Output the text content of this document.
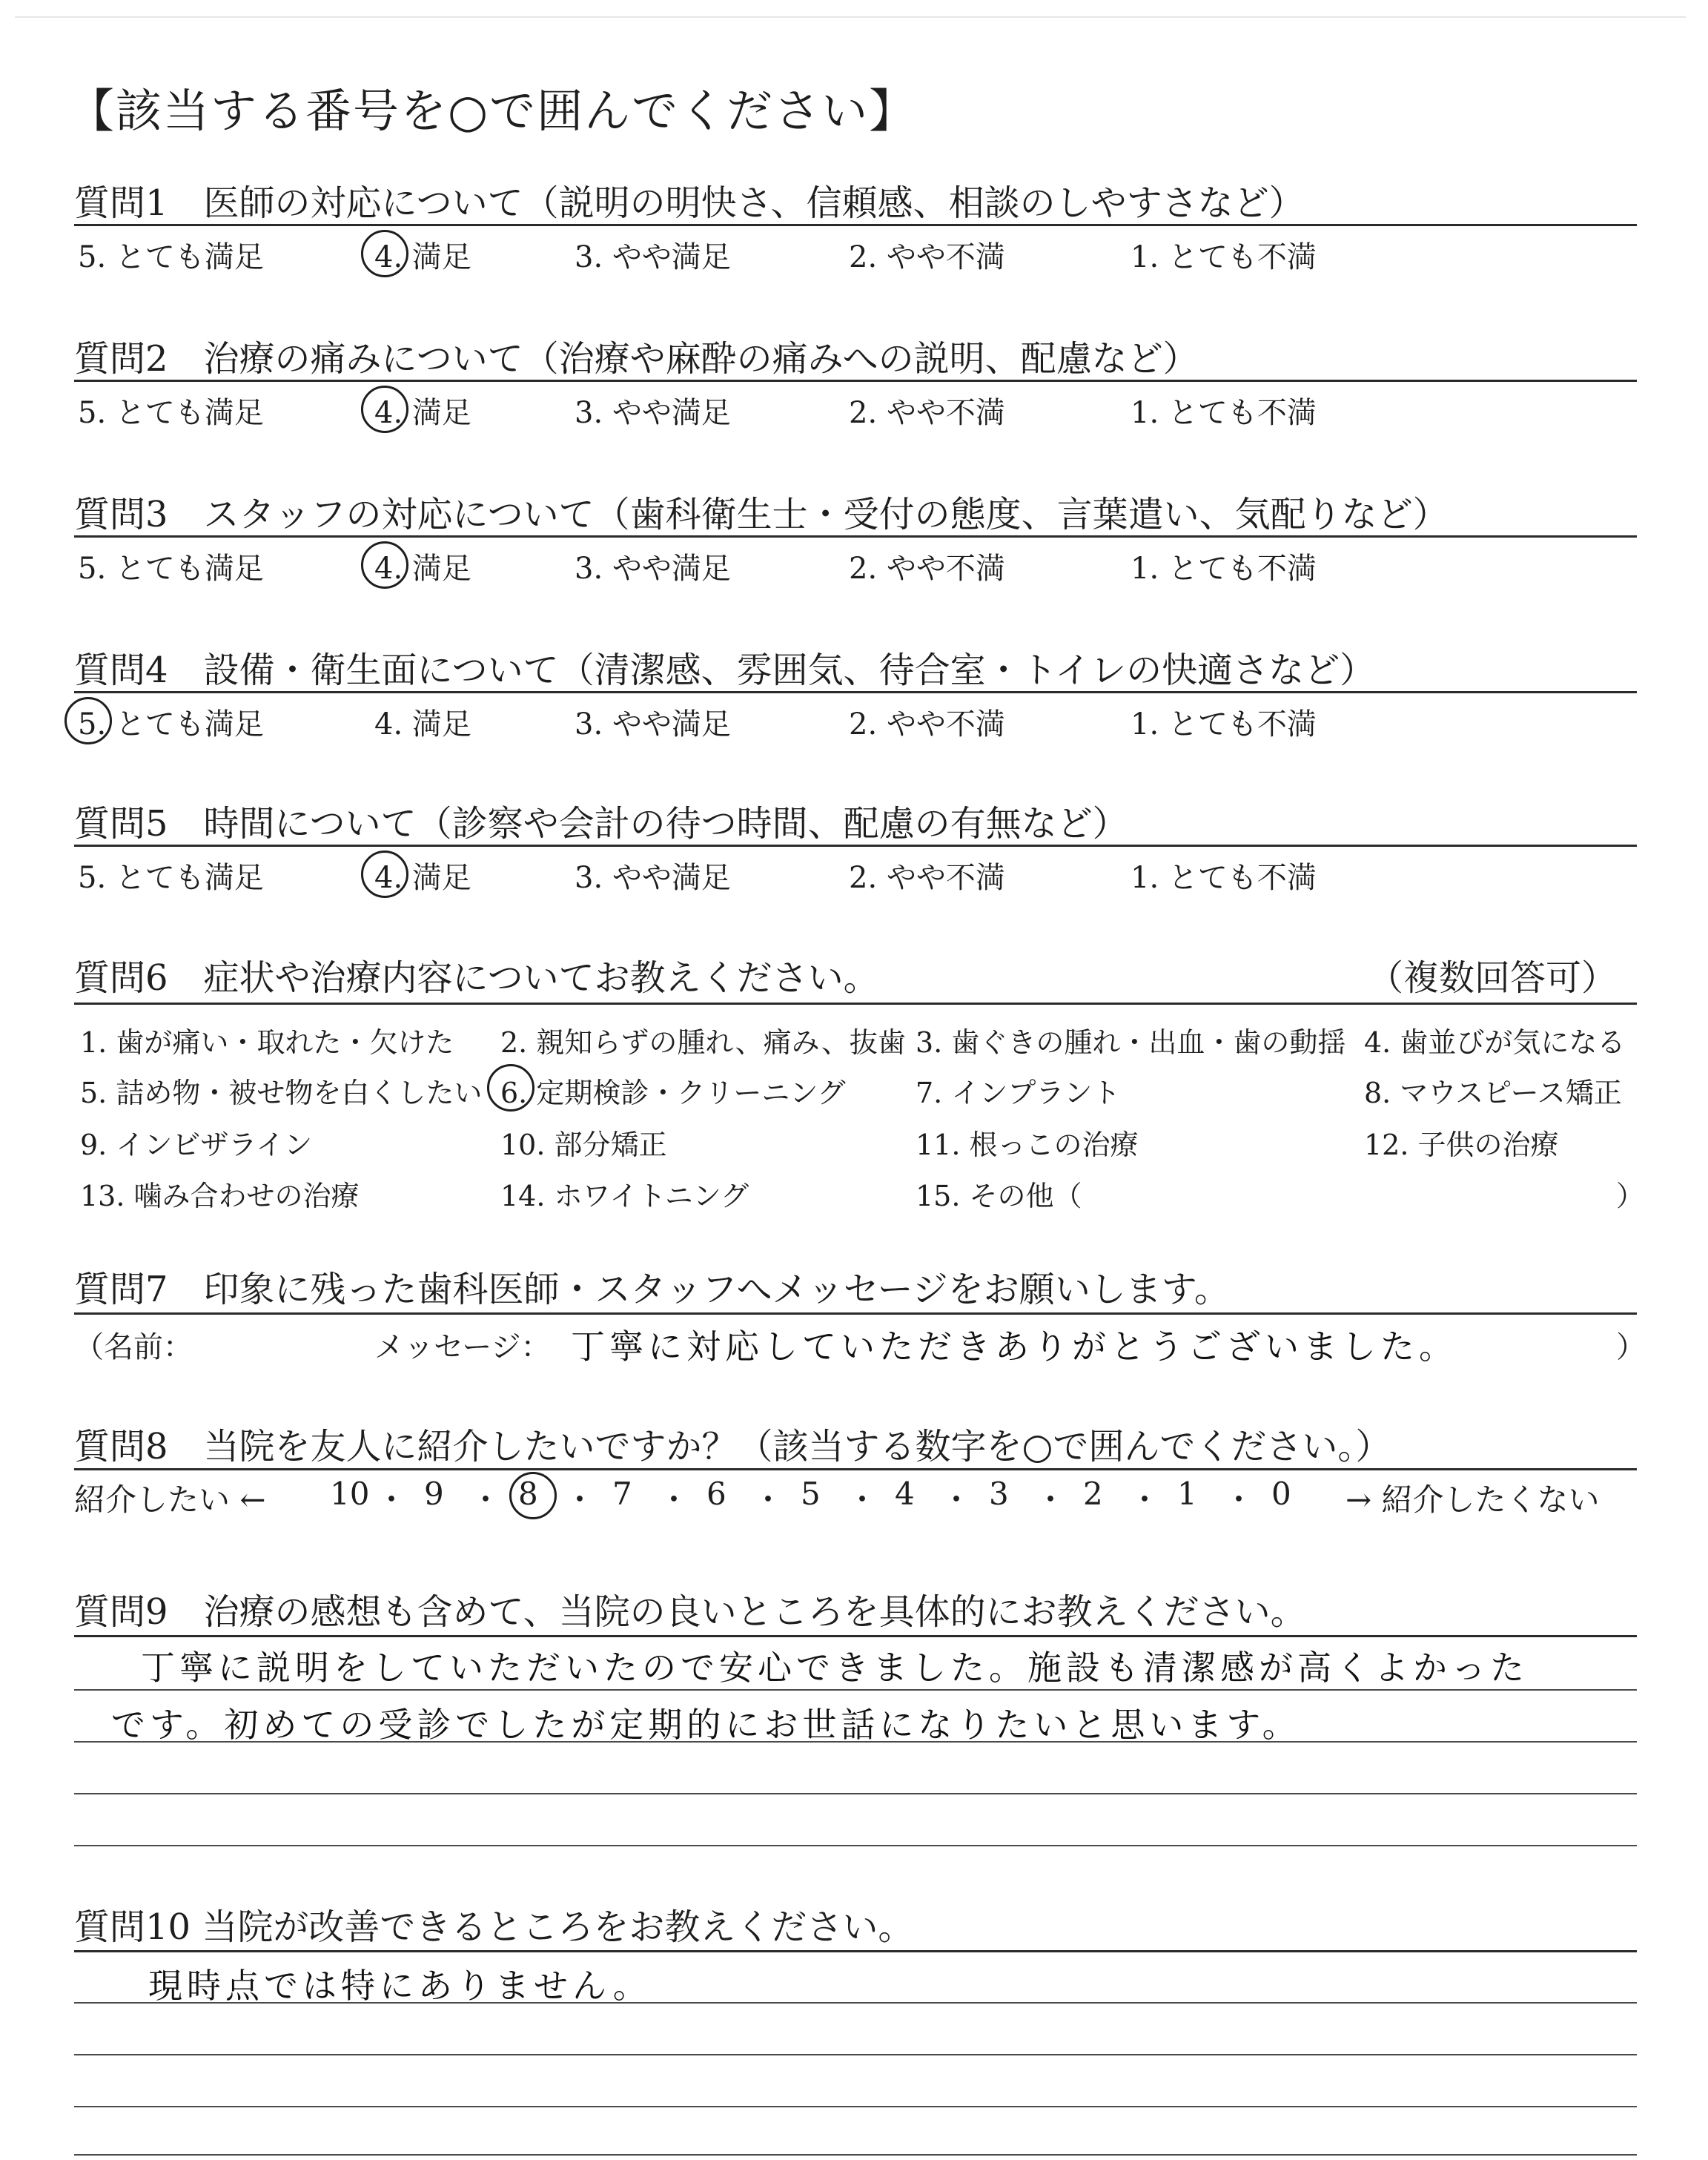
【該当する番号を○で囲んでください】
質問1　医師の対応について（説明の明快さ、信頼感、相談のしやすさなど）
5. とても満足	4. 満足	3. やや満足	2. やや不満	1. とても不満
質問2　治療の痛みについて（治療や麻酔の痛みへの説明、配慮など）
5. とても満足	4. 満足	3. やや満足	2. やや不満	1. とても不満
質問3　スタッフの対応について（歯科衛生士・受付の態度、言葉遣い、気配りなど）
5. とても満足	4. 満足	3. やや満足	2. やや不満	1. とても不満
質問4　設備・衛生面について（清潔感、雰囲気、待合室・トイレの快適さなど）
5. とても満足	4. 満足	3. やや満足	2. やや不満	1. とても不満
質問5　時間について（診察や会計の待つ時間、配慮の有無など）
5. とても満足	4. 満足	3. やや満足	2. やや不満	1. とても不満
質問6　症状や治療内容についてお教えください。	（複数回答可）
1. 歯が痛い・取れた・欠けた 2. 親知らずの腫れ、痛み、抜歯 3. 歯ぐきの腫れ・出血・歯の動揺 4. 歯並びが気になる
5. 詰め物・被せ物を白くしたい 6. 定期検診・クリーニング 7. インプラント	8. マウスピース矯正
9. インビザライン	10. 部分矯正	11. 根っこの治療	12. 子供の治療
13. 噛み合わせの治療	14. ホワイトニング	15. その他（	）
質問7　印象に残った歯科医師・スタッフへメッセージをお願いします。
（名前：	メッセージ： 丁寧に対応していただきありがとうございました。	）
質問8　当院を友人に紹介したいですか？（該当する数字を○で囲んでください。）
紹介したい ← 10 ・ 9 ・ 8 ・ 7 ・ 6 ・ 5 ・ 4 ・ 3 ・ 2 ・ 1 ・ 0 → 紹介したくない
質問9　治療の感想も含めて、当院の良いところを具体的にお教えください。
丁寧に説明をしていただいたので安心できました。施設も清潔感が高くよかった
です。初めての受診でしたが定期的にお世話になりたいと思います。
質問10 当院が改善できるところをお教えください。
現時点では特にありません。
